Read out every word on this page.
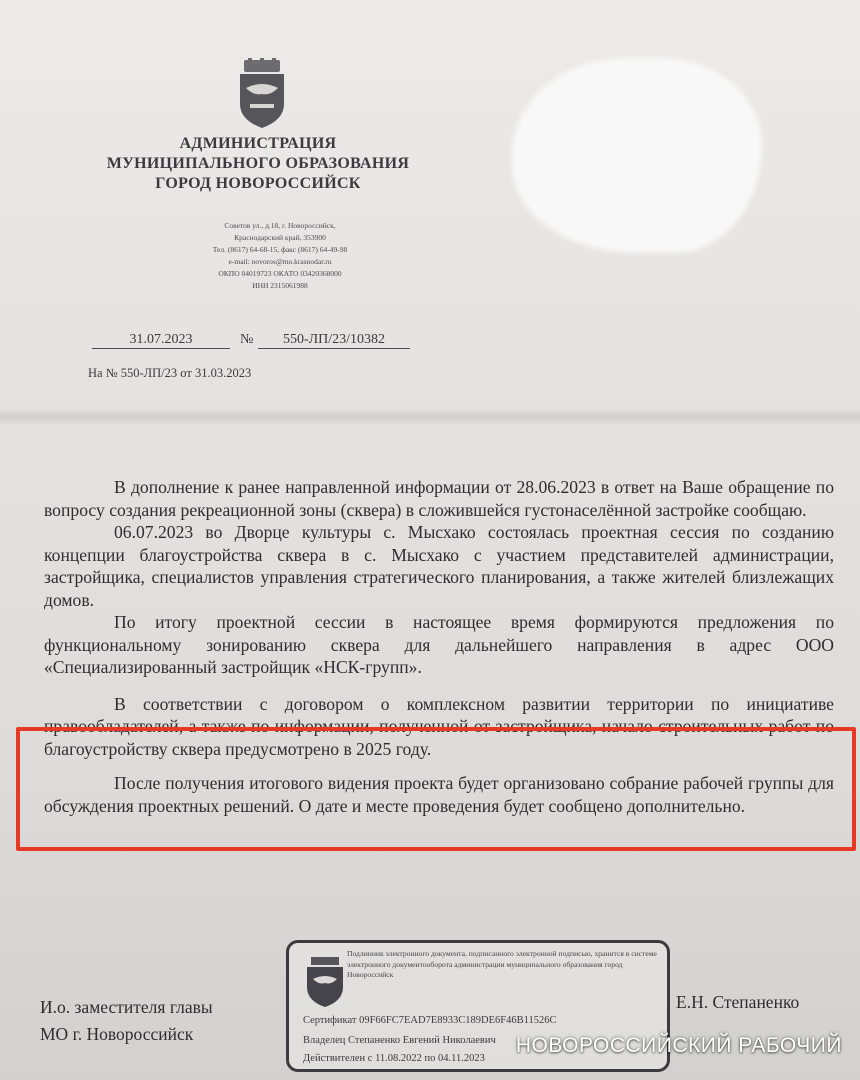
АДМИНИСТРАЦИЯ
МУНИЦИПАЛЬНОГО ОБРАЗОВАНИЯ
ГОРОД НОВОРОССИЙСК
Советов ул., д.18, г. Новороссийск,
Краснодарский край, 353900
Тел. (8617) 64-68-15, факс (8617) 64-49-98
e-mail: novoros@mo.krasnodar.ru
ОКПО 04019723 ОКАТО 03420368000
ИНН 2315061988
31.07.2023	№	550-ЛП/23/10382
На № 550-ЛП/23 от 31.03.2023

В дополнение к ранее направленной информации от 28.06.2023 в ответ на Ваше обращение по вопросу создания рекреационной зоны (сквера) в сложившейся густонаселённой застройке сообщаю.

06.07.2023 во Дворце культуры с. Мысхако состоялась проектная сессия по созданию концепции благоустройства сквера в с. Мысхако с участием представителей администрации, застройщика, специалистов управления стратегического планирования, а также жителей близлежащих домов.

По итогу проектной сессии в настоящее время формируются предложения по функциональному зонированию сквера для дальнейшего направления в адрес ООО «Специализированный застройщик «НСК-групп».

В соответствии с договором о комплексном развитии территории по инициативе правообладателей, а также по информации, полученной от застройщика, начало строительных работ по благоустройству сквера предусмотрено в 2025 году.

После получения итогового видения проекта будет организовано собрание рабочей группы для обсуждения проектных решений. О дате и месте проведения будет сообщено дополнительно.

И.о. заместителя главы
МО г. Новороссийск
Подлинник электронного документа, подписанного электронной подписью, хранится в системе электронного документооборота администрации муниципального образования город Новороссийск
Сертификат 09F66FC7EAD7E8933C189DE6F46B11526C
Владелец Степаненко Евгений Николаевич
Действителен с 11.08.2022 по 04.11.2023
Е.Н. Степаненко
НОВОРОССИЙСКИЙ РАБОЧИЙ
